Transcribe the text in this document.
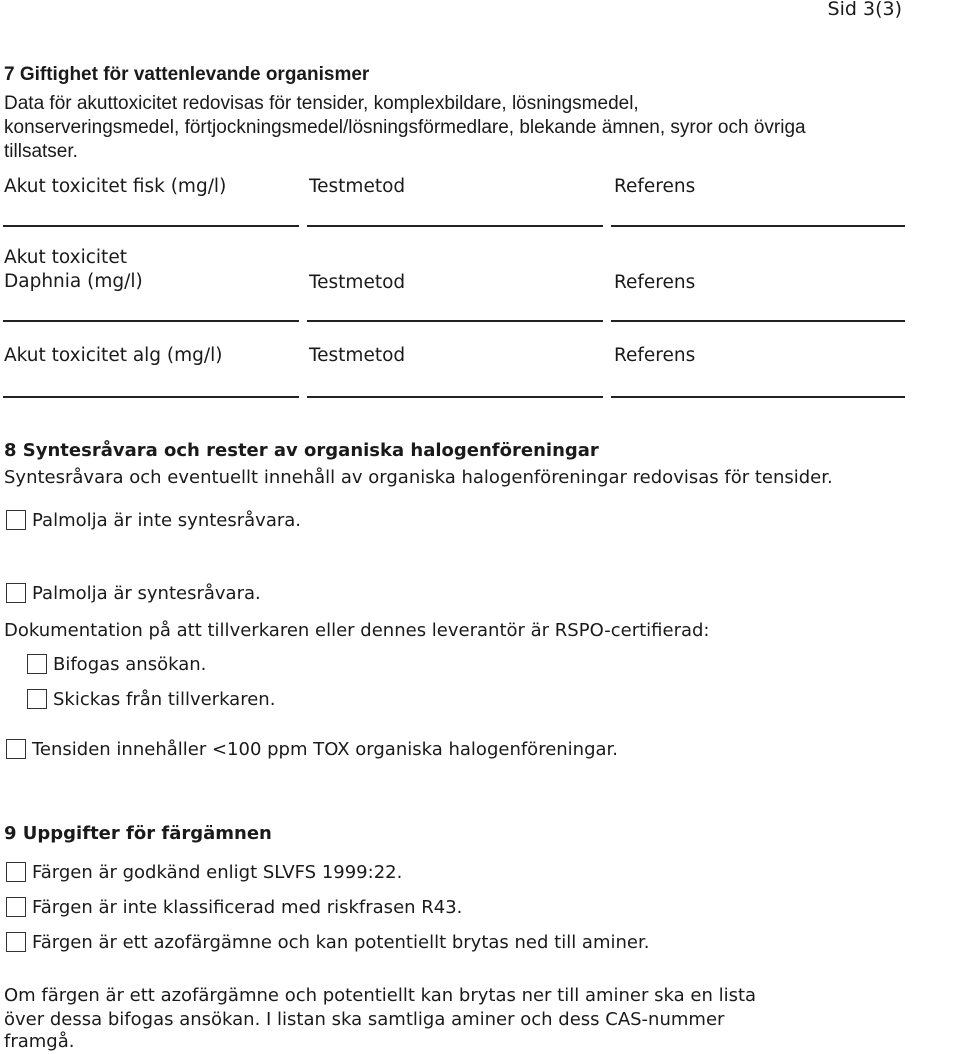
Sid 3(3)
7 Giftighet för vattenlevande organismer
Data för akuttoxicitet redovisas för tensider, komplexbildare, lösningsmedel,
konserveringsmedel, förtjockningsmedel/lösningsförmedlare, blekande ämnen, syror och övriga
tillsatser.
Akut toxicitet fisk (mg/l)	Testmetod	Referens
Akut toxicitet
Daphnia (mg/l)	Testmetod	Referens
Akut toxicitet alg (mg/l)	Testmetod	Referens
8 Syntesråvara och rester av organiska halogenföreningar
Syntesråvara och eventuellt innehåll av organiska halogenföreningar redovisas för tensider.
Palmolja är inte syntesråvara.
Palmolja är syntesråvara.
Dokumentation på att tillverkaren eller dennes leverantör är RSPO-certifierad:
Bifogas ansökan.
Skickas från tillverkaren.
Tensiden innehåller <100 ppm TOX organiska halogenföreningar.
9 Uppgifter för färgämnen
Färgen är godkänd enligt SLVFS 1999:22.
Färgen är inte klassificerad med riskfrasen R43.
Färgen är ett azofärgämne och kan potentiellt brytas ned till aminer.
Om färgen är ett azofärgämne och potentiellt kan brytas ner till aminer ska en lista
över dessa bifogas ansökan. I listan ska samtliga aminer och dess CAS-nummer
framgå.
